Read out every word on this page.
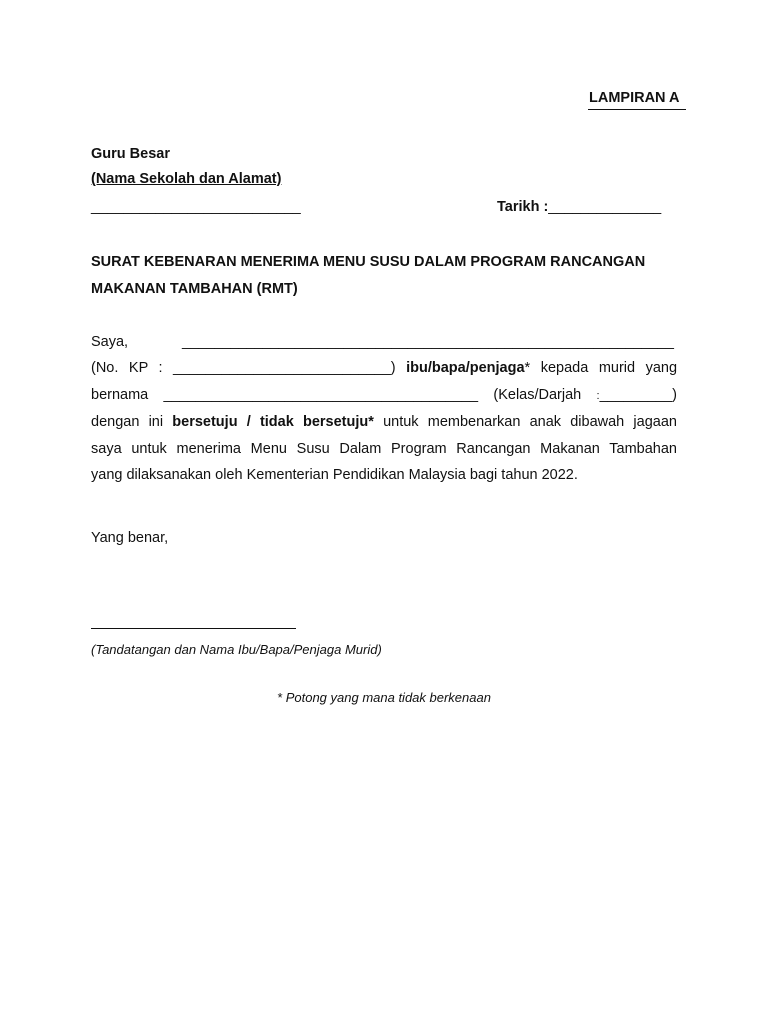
LAMPIRAN A
Guru Besar
(Nama Sekolah dan Alamat)
__________________________	Tarikh :______________
SURAT KEBENARAN MENERIMA MENU SUSU DALAM PROGRAM RANCANGAN
MAKANAN TAMBAHAN (RMT)
Saya,	_____________________________________________________________
(No. KP : ___________________________) ibu/bapa/penjaga* kepada murid yang
bernama _______________________________________ (Kelas/Darjah :_________)
dengan ini bersetuju / tidak bersetuju* untuk membenarkan anak dibawah jagaan
saya untuk menerima Menu Susu Dalam Program Rancangan Makanan Tambahan
yang dilaksanakan oleh Kementerian Pendidikan Malaysia bagi tahun 2022.
Yang benar,
(Tandatangan dan Nama Ibu/Bapa/Penjaga Murid)
* Potong yang mana tidak berkenaan
